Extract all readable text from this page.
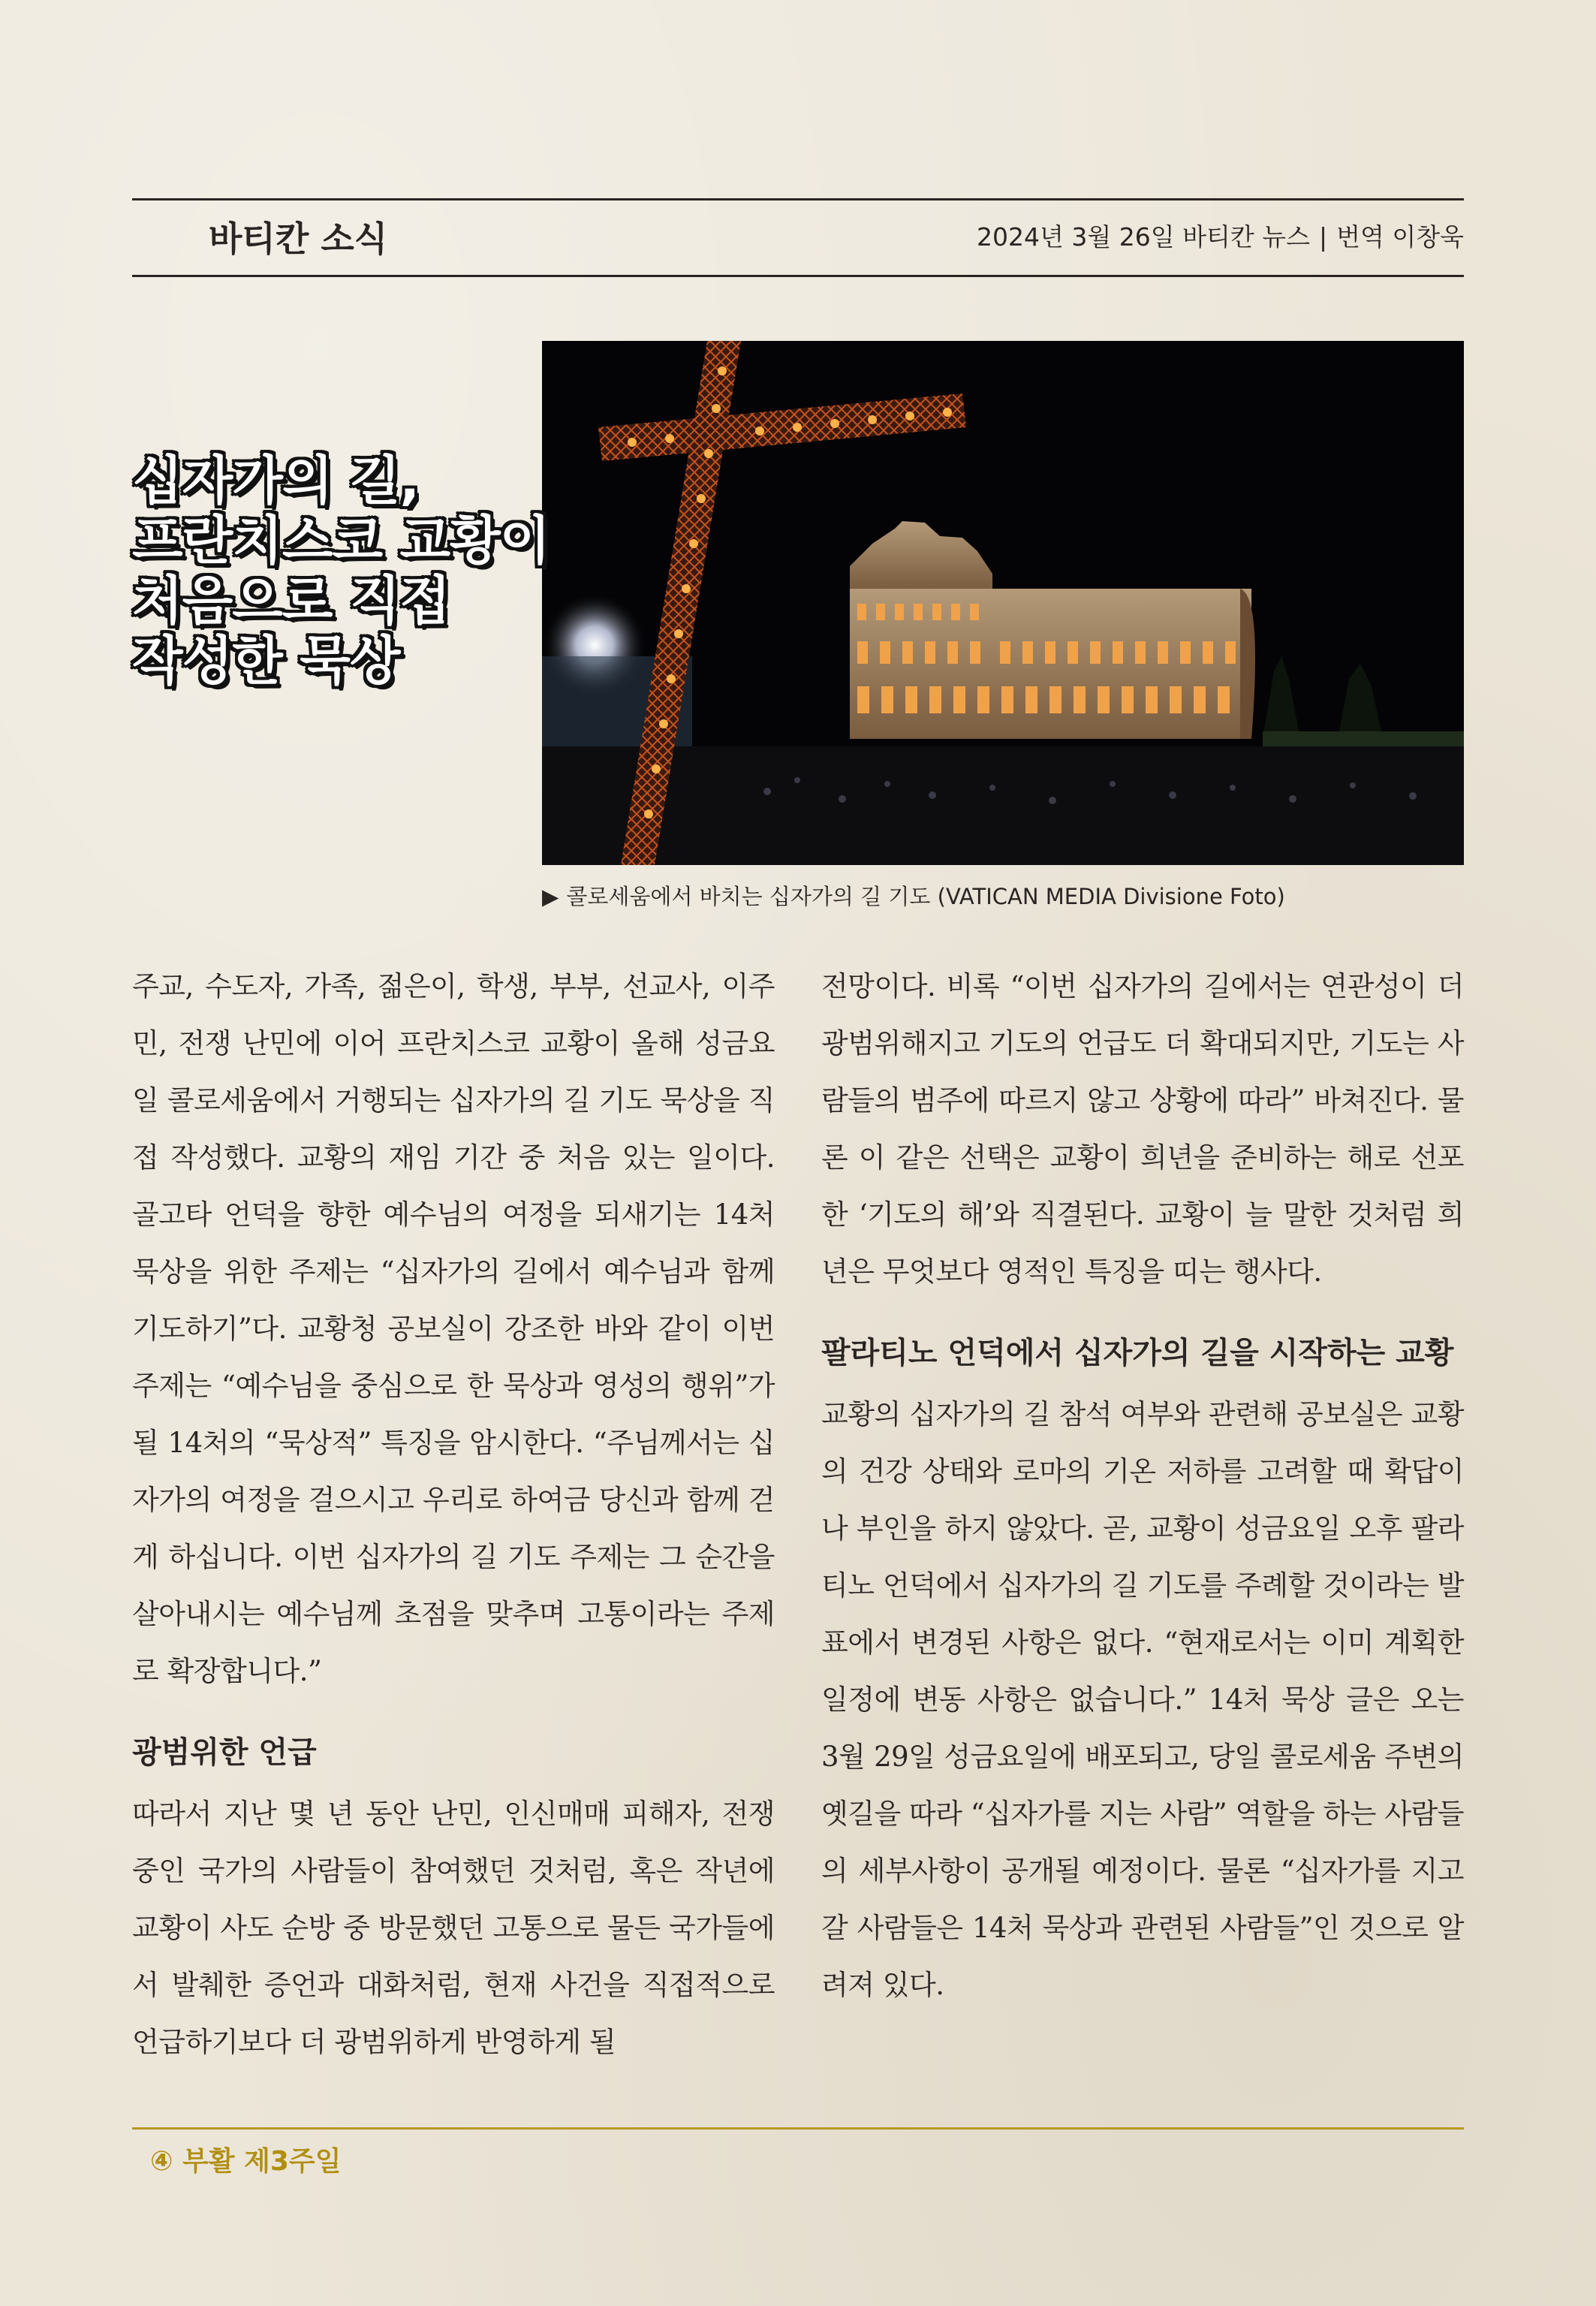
바티칸 소식	2024년 3월 26일 바티칸 뉴스 | 번역 이창욱
십자가의 길,
프란치스코 교황이
처음으로 직접
작성한 묵상
▶ 콜로세움에서 바치는 십자가의 길 기도 (VATICAN MEDIA Divisione Foto)

주교, 수도자, 가족, 젊은이, 학생, 부부, 선교사, 이주민, 전쟁 난민에 이어 프란치스코 교황이 올해 성금요일 콜로세움에서 거행되는 십자가의 길 기도 묵상을 직접 작성했다. 교황의 재임 기간 중 처음 있는 일이다. 골고타 언덕을 향한 예수님의 여정을 되새기는 14처 묵상을 위한 주제는 “십자가의 길에서 예수님과 함께 기도하기”다. 교황청 공보실이 강조한 바와 같이 이번 주제는 “예수님을 중심으로 한 묵상과 영성의 행위”가 될 14처의 “묵상적” 특징을 암시한다. “주님께서는 십자가의 여정을 걸으시고 우리로 하여금 당신과 함께 걷게 하십니다. 이번 십자가의 길 기도 주제는 그 순간을 살아내시는 예수님께 초점을 맞추며 고통이라는 주제로 확장합니다.”

광범위한 언급

따라서 지난 몇 년 동안 난민, 인신매매 피해자, 전쟁 중인 국가의 사람들이 참여했던 것처럼, 혹은 작년에 교황이 사도 순방 중 방문했던 고통으로 물든 국가들에서 발췌한 증언과 대화처럼, 현재 사건을 직접적으로 언급하기보다 더 광범위하게 반영하게 될

전망이다. 비록 “이번 십자가의 길에서는 연관성이 더 광범위해지고 기도의 언급도 더 확대되지만, 기도는 사람들의 범주에 따르지 않고 상황에 따라” 바쳐진다. 물론 이 같은 선택은 교황이 희년을 준비하는 해로 선포한 ‘기도의 해’와 직결된다. 교황이 늘 말한 것처럼 희년은 무엇보다 영적인 특징을 띠는 행사다.

팔라티노 언덕에서 십자가의 길을 시작하는 교황

교황의 십자가의 길 참석 여부와 관련해 공보실은 교황의 건강 상태와 로마의 기온 저하를 고려할 때 확답이나 부인을 하지 않았다. 곧, 교황이 성금요일 오후 팔라티노 언덕에서 십자가의 길 기도를 주례할 것이라는 발표에서 변경된 사항은 없다. “현재로서는 이미 계획한 일정에 변동 사항은 없습니다.” 14처 묵상 글은 오는 3월 29일 성금요일에 배포되고, 당일 콜로세움 주변의 옛길을 따라 “십자가를 지는 사람” 역할을 하는 사람들의 세부사항이 공개될 예정이다. 물론 “십자가를 지고 갈 사람들은 14처 묵상과 관련된 사람들”인 것으로 알려져 있다.

④ 부활 제3주일
